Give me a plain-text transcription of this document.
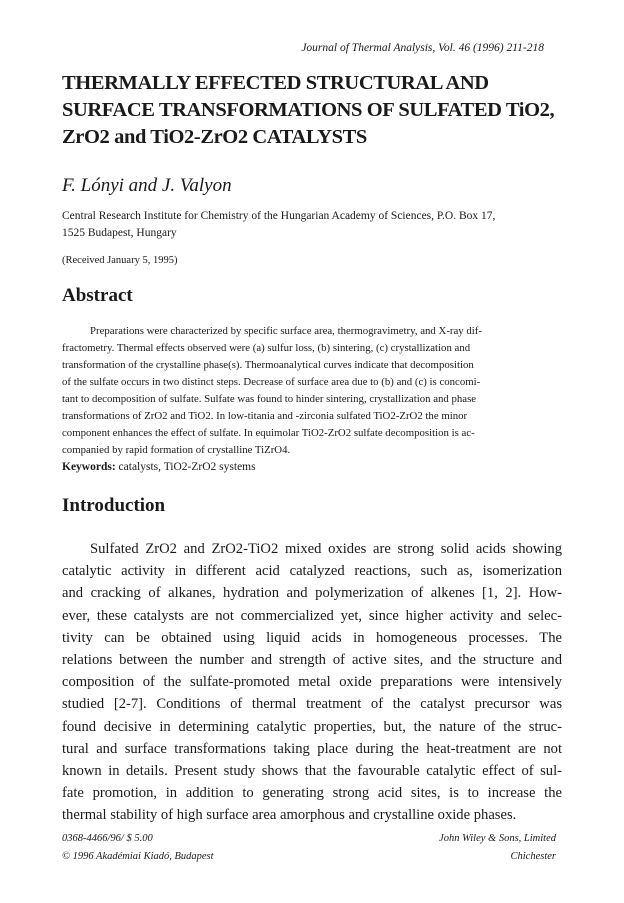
Journal of Thermal Analysis, Vol. 46 (1996) 211-218
THERMALLY EFFECTED STRUCTURAL AND
SURFACE TRANSFORMATIONS OF SULFATED TiO2,
ZrO2 and TiO2-ZrO2 CATALYSTS
F. Lónyi and J. Valyon
Central Research Institute for Chemistry of the Hungarian Academy of Sciences, P.O. Box 17,
1525 Budapest, Hungary
(Received January 5, 1995)
Abstract
Preparations were characterized by specific surface area, thermogravimetry, and X-ray dif-
fractometry. Thermal effects observed were (a) sulfur loss, (b) sintering, (c) crystallization and
transformation of the crystalline phase(s). Thermoanalytical curves indicate that decomposition
of the sulfate occurs in two distinct steps. Decrease of surface area due to (b) and (c) is concomi-
tant to decomposition of sulfate. Sulfate was found to hinder sintering, crystallization and phase
transformations of ZrO2 and TiO2. In low-titania and -zirconia sulfated TiO2-ZrO2 the minor
component enhances the effect of sulfate. In equimolar TiO2-ZrO2 sulfate decomposition is ac-
companied by rapid formation of crystalline TiZrO4.
Keywords: catalysts, TiO2-ZrO2 systems
Introduction
Sulfated ZrO2 and ZrO2-TiO2 mixed oxides are strong solid acids showing
catalytic activity in different acid catalyzed reactions, such as, isomerization
and cracking of alkanes, hydration and polymerization of alkenes [1, 2]. How-
ever, these catalysts are not commercialized yet, since higher activity and selec-
tivity can be obtained using liquid acids in homogeneous processes. The
relations between the number and strength of active sites, and the structure and
composition of the sulfate-promoted metal oxide preparations were intensively
studied [2-7]. Conditions of thermal treatment of the catalyst precursor was
found decisive in determining catalytic properties, but, the nature of the struc-
tural and surface transformations taking place during the heat-treatment are not
known in details. Present study shows that the favourable catalytic effect of sul-
fate promotion, in addition to generating strong acid sites, is to increase the
thermal stability of high surface area amorphous and crystalline oxide phases.
0368-4466/96/ $ 5.00	John Wiley & Sons, Limited
© 1996 Akadémiai Kiadó, Budapest	Chichester
